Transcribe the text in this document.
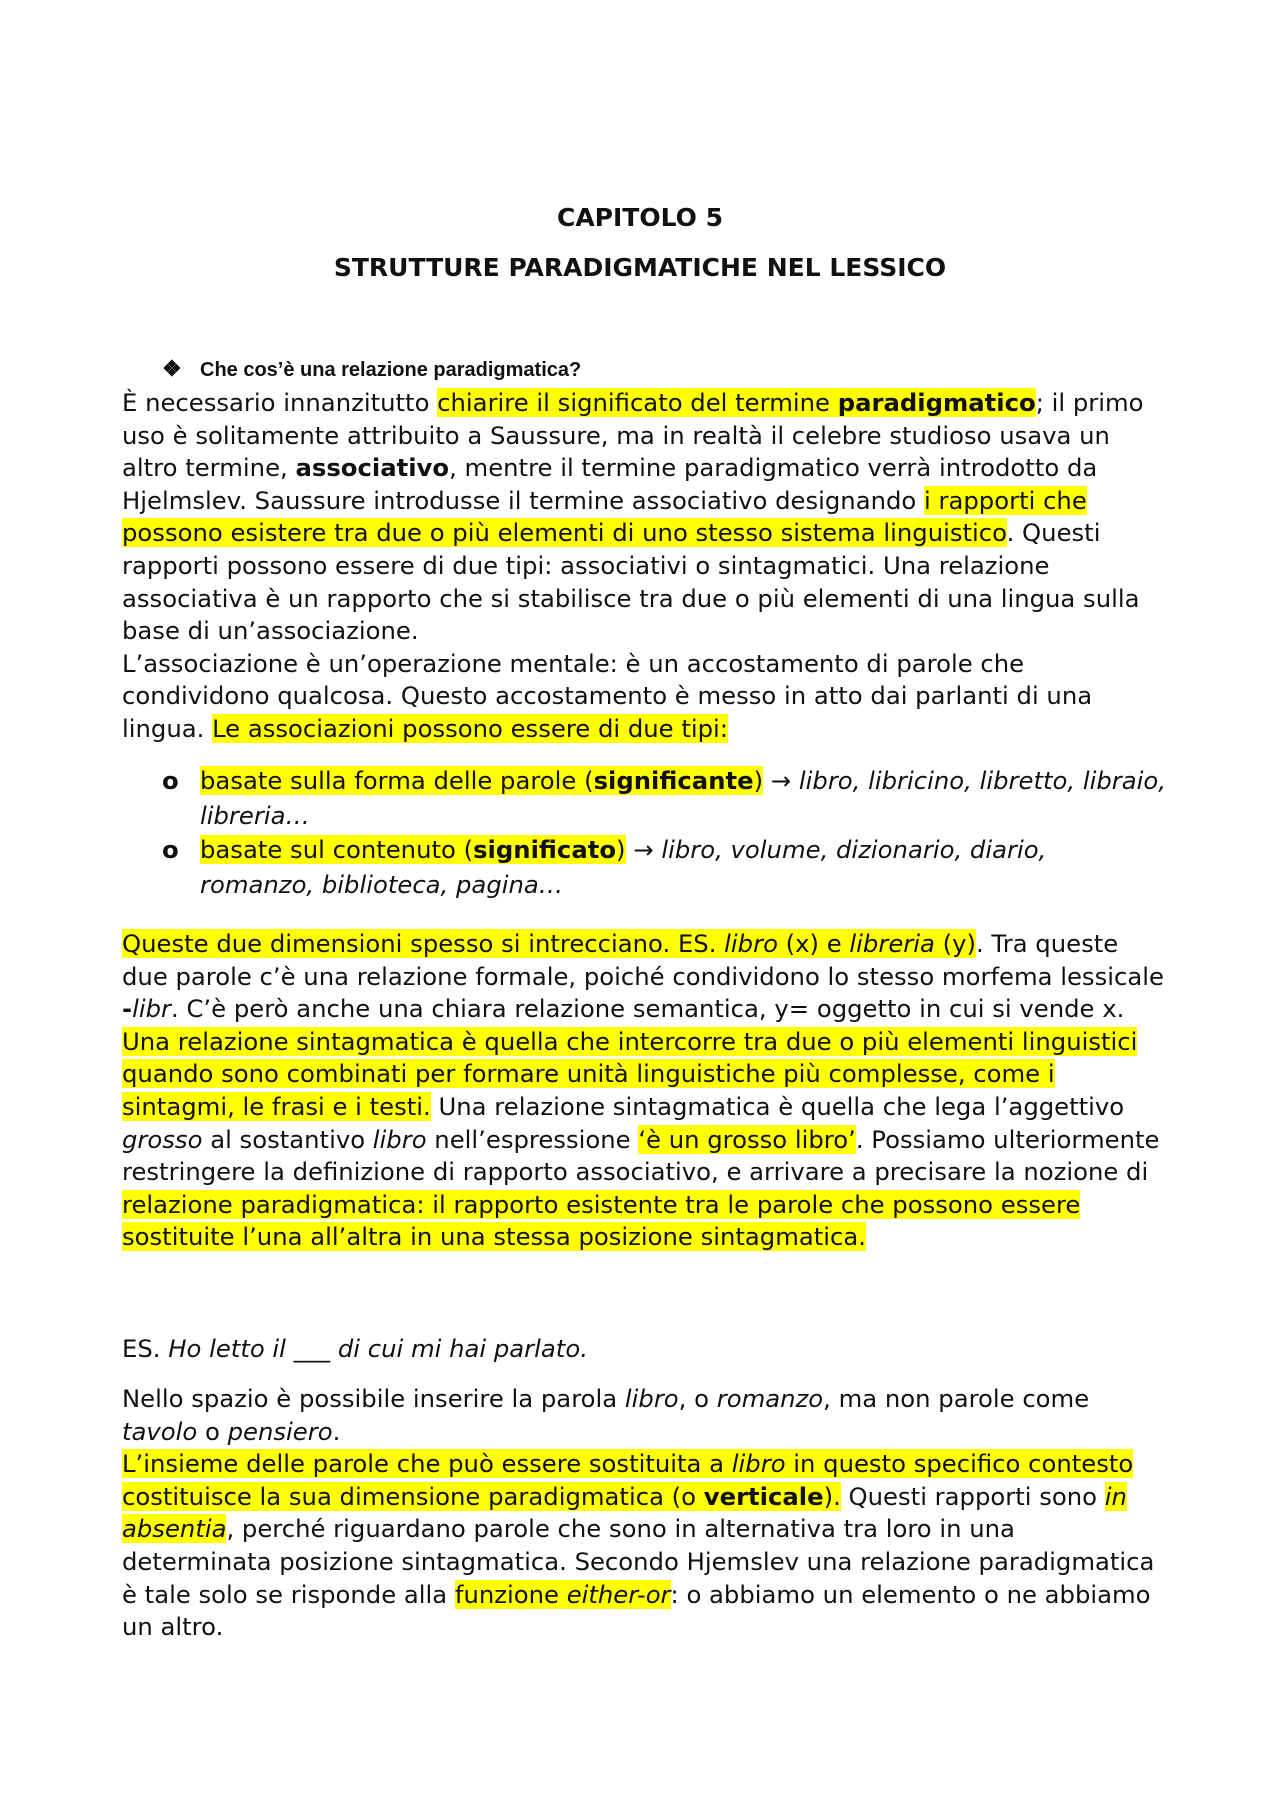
CAPITOLO 5
STRUTTURE PARADIGMATICHE NEL LESSICO
❖ Che cos’è una relazione paradigmatica?

È necessario innanzitutto chiarire il significato del termine paradigmatico; il primo uso è solitamente attribuito a Saussure, ma in realtà il celebre studioso usava un altro termine, associativo, mentre il termine paradigmatico verrà introdotto da Hjelmslev. Saussure introdusse il termine associativo designando i rapporti che possono esistere tra due o più elementi di uno stesso sistema linguistico. Questi rapporti possono essere di due tipi: associativi o sintagmatici. Una relazione associativa è un rapporto che si stabilisce tra due o più elementi di una lingua sulla base di un’associazione.
L’associazione è un’operazione mentale: è un accostamento di parole che condividono qualcosa. Questo accostamento è messo in atto dai parlanti di una lingua. Le associazioni possono essere di due tipi:

o basate sulla forma delle parole (significante) → libro, libricino, libretto, libraio, libreria…
o basate sul contenuto (significato) → libro, volume, dizionario, diario, romanzo, biblioteca, pagina…

Queste due dimensioni spesso si intrecciano. ES. libro (x) e libreria (y). Tra queste due parole c’è una relazione formale, poiché condividono lo stesso morfema lessicale -libr. C’è però anche una chiara relazione semantica, y= oggetto in cui si vende x.
Una relazione sintagmatica è quella che intercorre tra due o più elementi linguistici quando sono combinati per formare unità linguistiche più complesse, come i sintagmi, le frasi e i testi. Una relazione sintagmatica è quella che lega l’aggettivo grosso al sostantivo libro nell’espressione ‘è un grosso libro’. Possiamo ulteriormente restringere la definizione di rapporto associativo, e arrivare a precisare la nozione di relazione paradigmatica: il rapporto esistente tra le parole che possono essere sostituite l’una all’altra in una stessa posizione sintagmatica.

ES. Ho letto il ___ di cui mi hai parlato.

Nello spazio è possibile inserire la parola libro, o romanzo, ma non parole come tavolo o pensiero.
L’insieme delle parole che può essere sostituita a libro in questo specifico contesto costituisce la sua dimensione paradigmatica (o verticale). Questi rapporti sono in absentia, perché riguardano parole che sono in alternativa tra loro in una determinata posizione sintagmatica. Secondo Hjemslev una relazione paradigmatica è tale solo se risponde alla funzione either-or: o abbiamo un elemento o ne abbiamo un altro.
